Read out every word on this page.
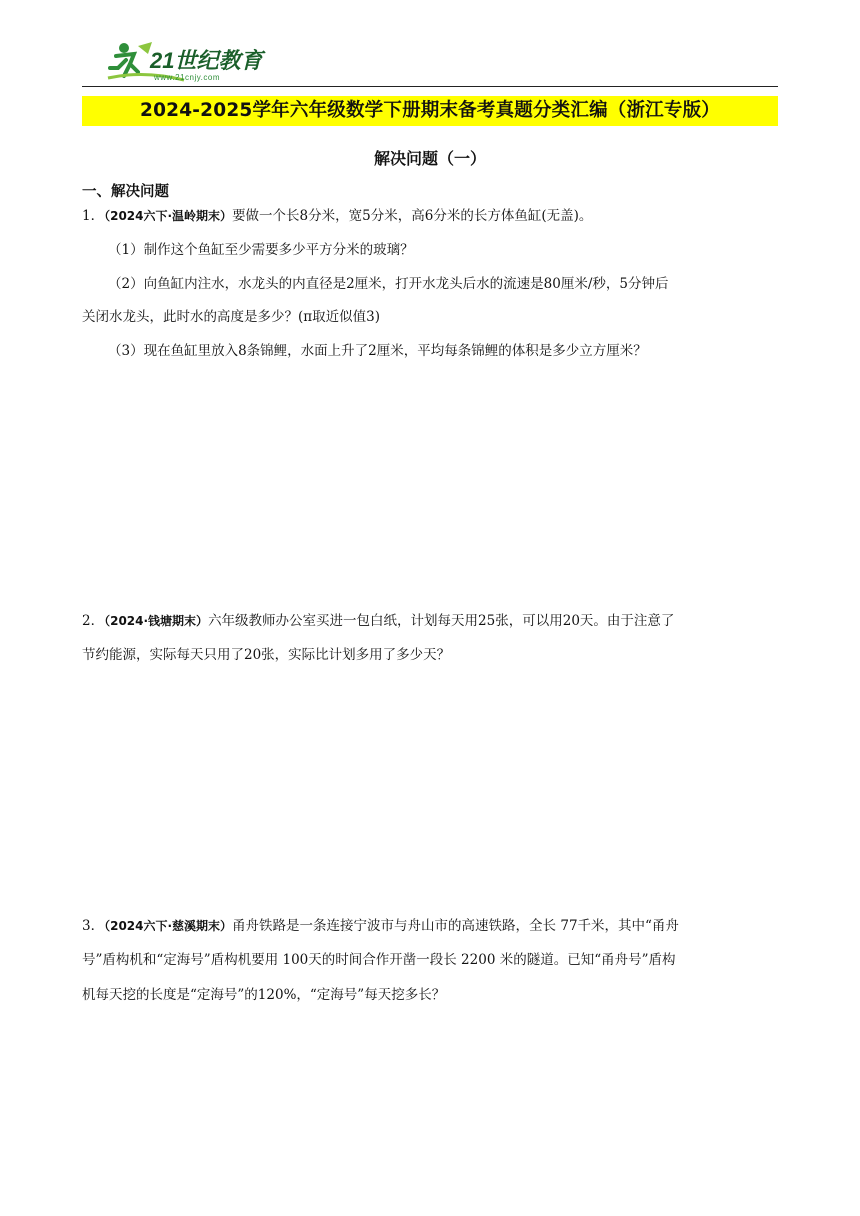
21世纪教育
www.21cnjy.com
2024-2025学年六年级数学下册期末备考真题分类汇编（浙江专版）
解决问题（一）
一、解决问题
1．（2024六下·温岭期末）要做一个长8分米，宽5分米，高6分米的长方体鱼缸(无盖)。
（1）制作这个鱼缸至少需要多少平方分米的玻璃？
（2）向鱼缸内注水，水龙头的内直径是2厘米，打开水龙头后水的流速是80厘米/秒，5分钟后
关闭水龙头，此时水的高度是多少？(π取近似值3)
（3）现在鱼缸里放入8条锦鲤，水面上升了2厘米，平均每条锦鲤的体积是多少立方厘米？
2．（2024·钱塘期末）六年级教师办公室买进一包白纸，计划每天用25张，可以用20天。由于注意了
节约能源，实际每天只用了20张，实际比计划多用了多少天？
3．（2024六下·慈溪期末）甬舟铁路是一条连接宁波市与舟山市的高速铁路，全长 77千米，其中“甬舟
号”盾构机和“定海号”盾构机要用 100天的时间合作开凿一段长 2200 米的隧道。已知“甬舟号”盾构
机每天挖的长度是“定海号”的120%，“定海号”每天挖多长？
